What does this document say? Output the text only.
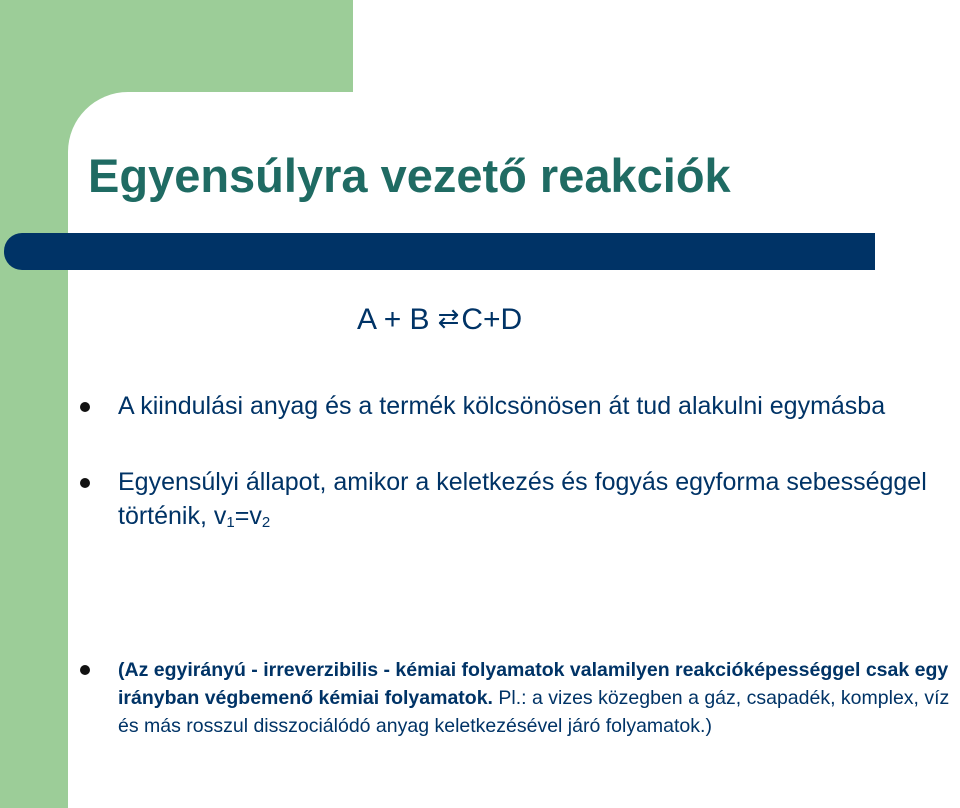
Egyensúlyra vezető reakciók
A + B ⇄C+D

A kiindulási anyag és a termék kölcsönösen át tud alakulni egymásba

Egyensúlyi állapot, amikor a keletkezés és fogyás egyforma sebességgel történik, $v_1=v_2$

(Az egyirányú - irreverzibilis - kémiai folyamatok valamilyen reakcióképességgel csak egy irányban végbemenő kémiai folyamatok. Pl.: a vizes közegben a gáz, csapadék, komplex, víz és más rosszul disszociálódó anyag keletkezésével járó folyamatok.)
